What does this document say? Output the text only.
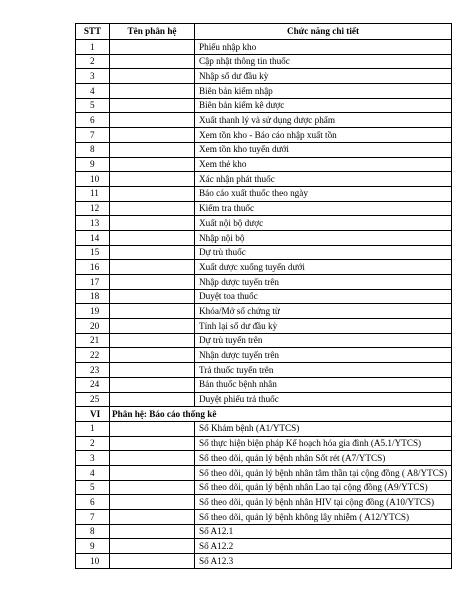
STT	Tên phân hệ	Chức năng chi tiết
1		Phiếu nhập kho
2		Cập nhật thông tin thuốc
3		Nhập số dư đầu kỳ
4		Biên bản kiểm nhập
5		Biên bản kiểm kê dược
6		Xuất thanh lý và sử dụng dược phẩm
7		Xem tồn kho - Báo cáo nhập xuất tồn
8		Xem tồn kho tuyến dưới
9		Xem thẻ kho
10		Xác nhận phát thuốc
11		Báo cáo xuất thuốc theo ngày
12		Kiểm tra thuốc
13		Xuất nội bộ dược
14		Nhập nội bộ
15		Dự trù thuốc
16		Xuất dược xuống tuyến dưới
17		Nhập dược tuyến trên
18		Duyệt toa thuốc
19		Khóa/Mở sổ chứng từ
20		Tính lại số dư đầu kỳ
21		Dự trù tuyến trên
22		Nhận dược tuyến trên
23		Trả thuốc tuyến trên
24		Bán thuốc bệnh nhân
25		Duyệt phiếu trả thuốc
VI	Phân hệ: Báo cáo thống kê	
1		Sổ Khám bệnh (A1/YTCS)
2		Sổ thực hiện biện pháp Kế hoạch hóa gia đình (A5.1/YTCS)
3		Sổ theo dõi, quản lý bệnh nhân Sốt rét (A7/YTCS)
4		Sổ theo dõi, quản lý bệnh nhân tâm thần tại cộng đồng ( A8/YTCS)
5		Sổ theo dõi, quản lý bệnh nhân Lao tại cộng đồng (A9/YTCS)
6		Sổ theo dõi, quản lý bệnh nhân HIV tại cộng đồng (A10/YTCS)
7		Sổ theo dõi, quản lý bệnh không lây nhiễm ( A12/YTCS)
8		Sổ A12.1
9		Sổ A12.2
10		Sổ A12.3
